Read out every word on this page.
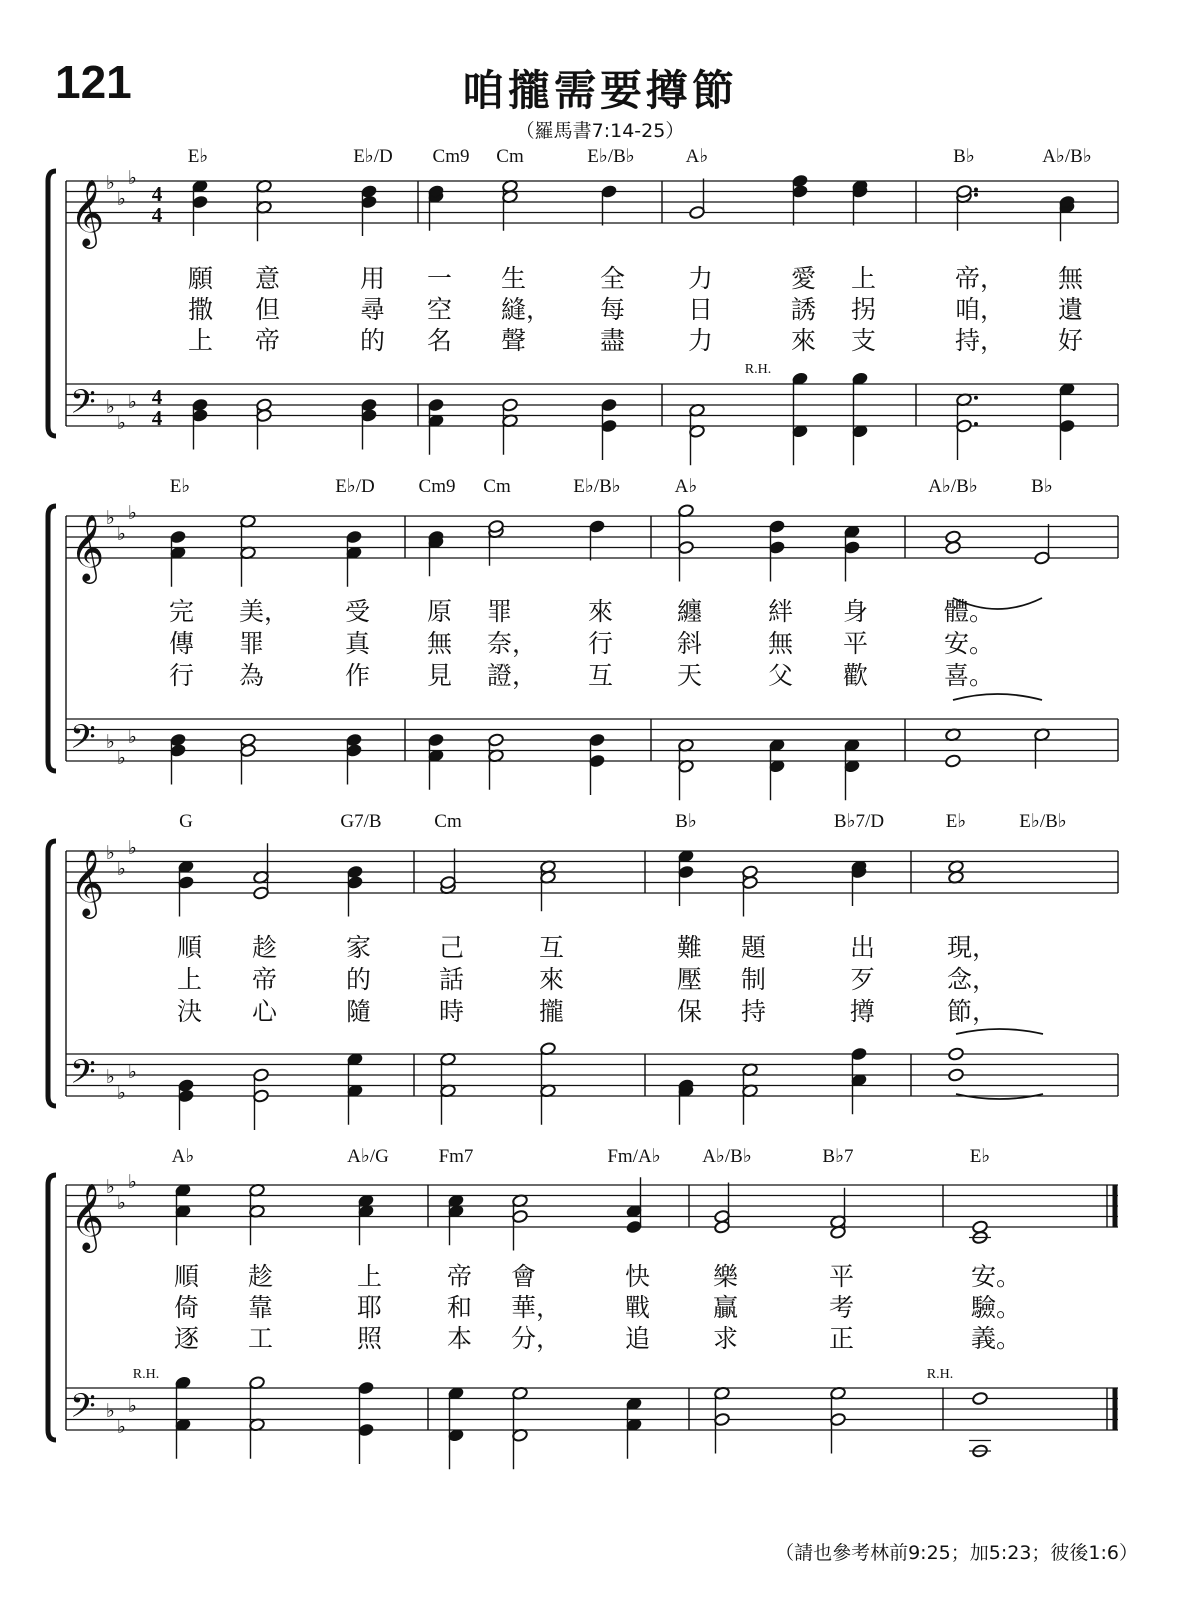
121	咱攏需要撙節
（羅馬書7:14-25）
（請也參考林前9:25；加5:23；彼後1:6）
𝄞 ♭
♭
♭
𝄢 ♭
♭
♭
4
4
4
4
E♭	E♭/D Cm9 Cm	E♭/B♭	A♭	B♭	A♭/B♭
願 意	用 一 生	全	力	愛 上	帝， 無
撒 但	尋 空 縫， 每	日	誘 拐	咱， 遺
上 帝	的 名 聲	盡	力	來 支	持， 好
R.H.
𝄞 ♭
♭
♭
𝄢 ♭
♭
♭
E♭	E♭/D Cm9 Cm	E♭/B♭	A♭	A♭/B♭	B♭
完 美， 受 原 罪	來	纏	絆 身	體。
傳 罪	真 無 奈， 行	斜	無 平	安。
行 為	作 見 證， 互	天	父 歡	喜。
𝄞 ♭
♭
♭
𝄢 ♭
♭
♭
G	G7/B	Cm	B♭	B♭7/D	E♭	E♭/B♭
順 趁	家	己	互	難 題	出	現，
上 帝	的	話	來	壓 制	歹	念，
決 心	隨	時	攏	保 持	撙	節，
𝄞 ♭
♭
♭
𝄢 ♭
♭
♭
A♭	A♭/G	Fm7	Fm/A♭ A♭/B♭	B♭7	E♭
順 趁	上	帝 會	快	樂	平	安。
倚 靠	耶	和 華，	戰	贏	考	驗。
逐 工	照	本 分，	追	求	正	義。
R.H.	R.H.
